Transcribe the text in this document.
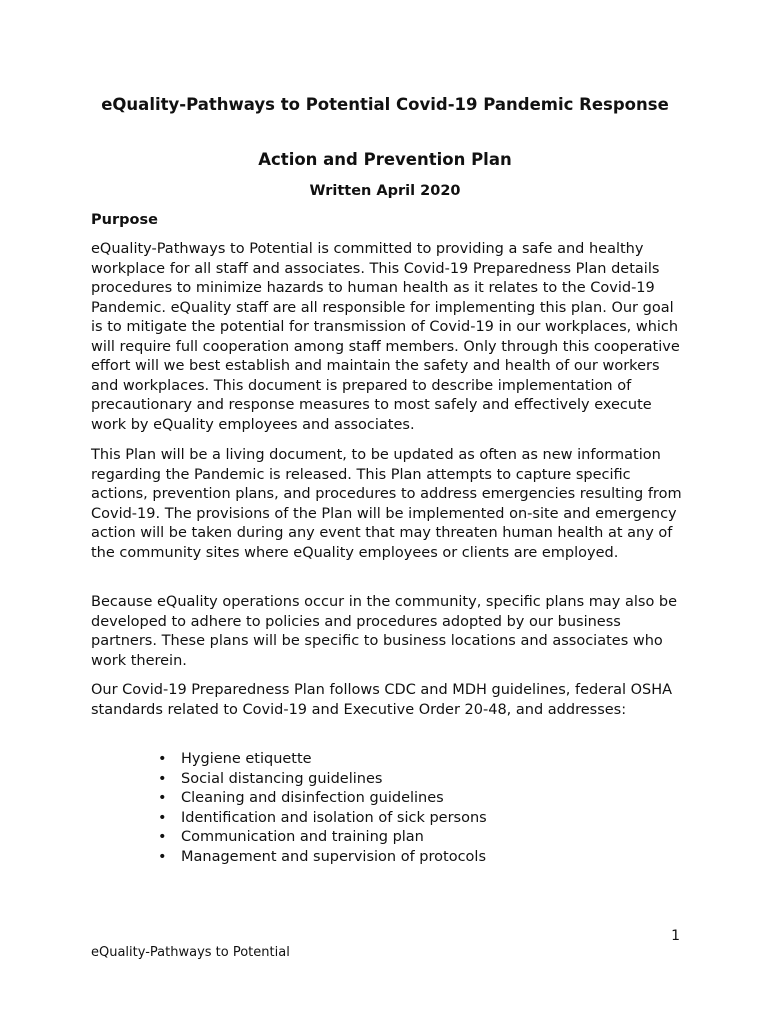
eQuality-Pathways to Potential Covid-19 Pandemic Response
Action and Prevention Plan
Written April 2020
Purpose

eQuality-Pathways to Potential is committed to providing a safe and healthy workplace for all staff and associates. This Covid-19 Preparedness Plan details procedures to minimize hazards to human health as it relates to the Covid-19 Pandemic. eQuality staff are all responsible for implementing this plan. Our goal is to mitigate the potential for transmission of Covid-19 in our workplaces, which will require full cooperation among staff members. Only through this cooperative effort will we best establish and maintain the safety and health of our workers and workplaces. This document is prepared to describe implementation of precautionary and response measures to most safely and effectively execute work by eQuality employees and associates.

This Plan will be a living document, to be updated as often as new information regarding the Pandemic is released. This Plan attempts to capture specific actions, prevention plans, and procedures to address emergencies resulting from Covid-19. The provisions of the Plan will be implemented on-site and emergency action will be taken during any event that may threaten human health at any of the community sites where eQuality employees or clients are employed.

Because eQuality operations occur in the community, specific plans may also be developed to adhere to policies and procedures adopted by our business partners. These plans will be specific to business locations and associates who work therein.

Our Covid-19 Preparedness Plan follows CDC and MDH guidelines, federal OSHA standards related to Covid-19 and Executive Order 20-48, and addresses:

• Hygiene etiquette
• Social distancing guidelines
• Cleaning and disinfection guidelines
• Identification and isolation of sick persons
• Communication and training plan
• Management and supervision of protocols
1
eQuality-Pathways to Potential
